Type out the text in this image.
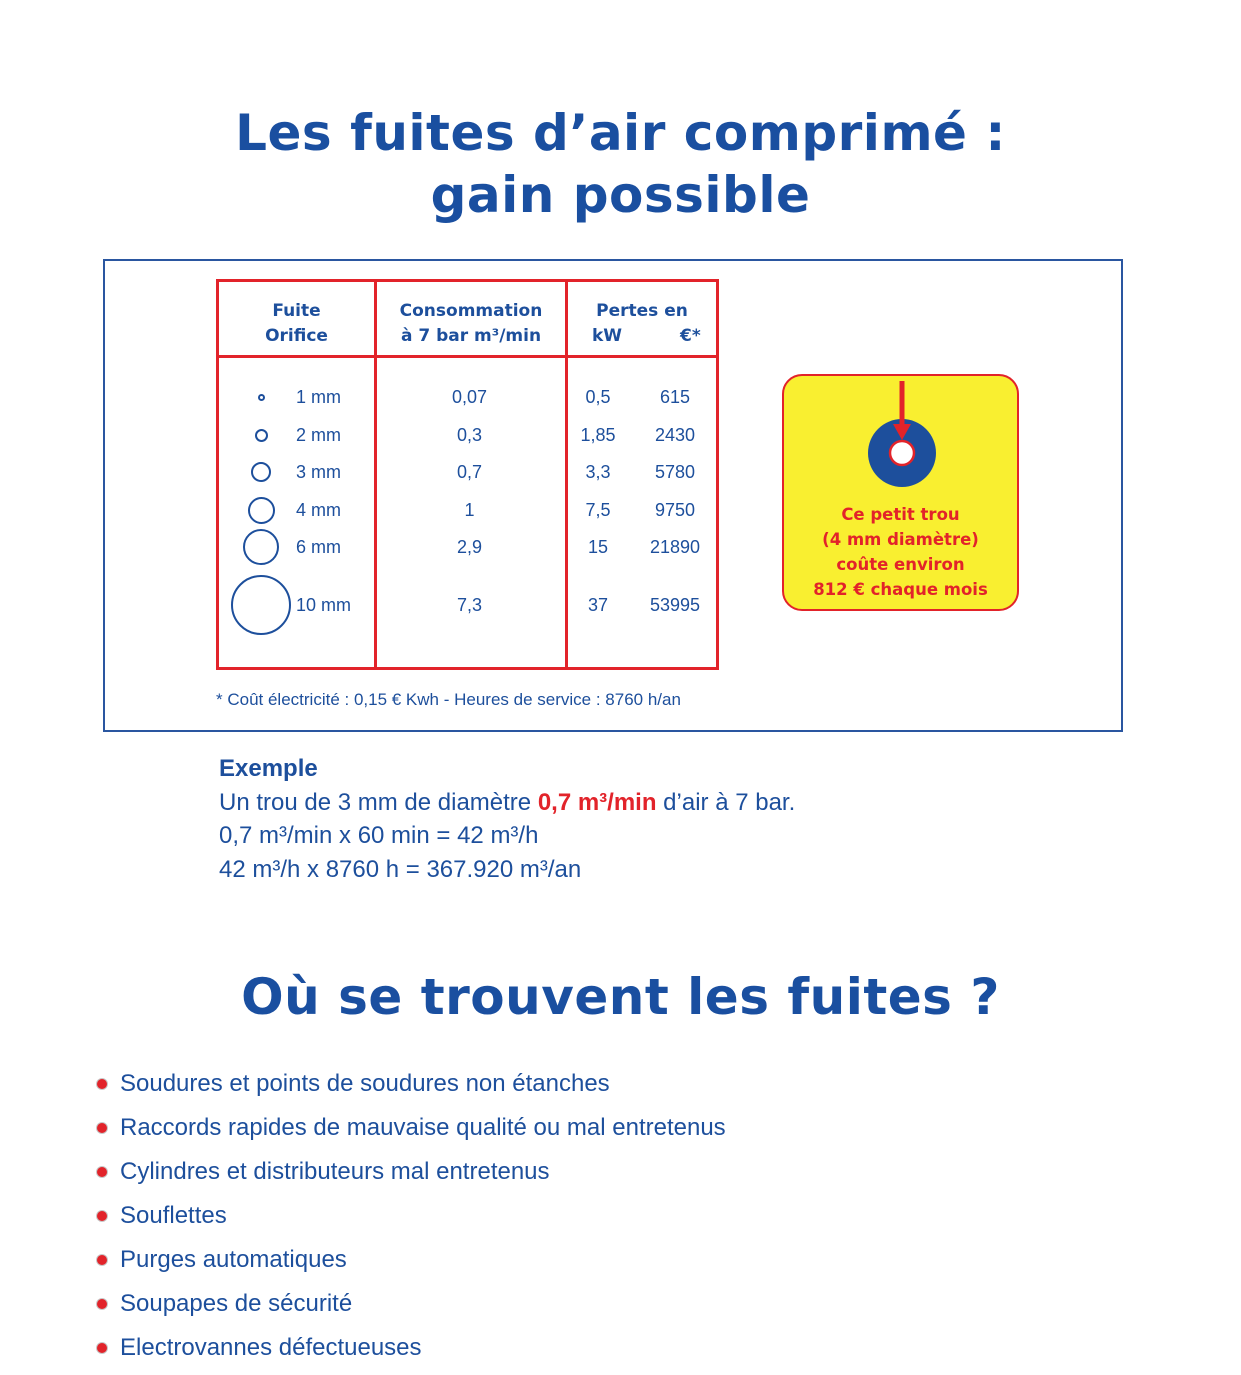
Les fuites d’air comprimé :
gain possible
Fuite
Orifice
Consommation
à 7 bar m³/min
Pertes en
kW	€*
1 mm	0,07	0,5	615
2 mm	0,3	1,85	2430
3 mm	0,7	3,3	5780
4 mm	1	7,5	9750
6 mm	2,9	15	21890
10 mm	7,3	37	53995
* Coût électricité : 0,15 € Kwh - Heures de service : 8760 h/an
Ce petit trou
(4 mm diamètre)
coûte environ
812 € chaque mois
Exemple
Un trou de 3 mm de diamètre 0,7 m³/min d’air à 7 bar.
0,7 m³/min x 60 min = 42 m³/h
42 m³/h x 8760 h = 367.920 m³/an
Où se trouvent les fuites ?
Soudures et points de soudures non étanches
Raccords rapides de mauvaise qualité ou mal entretenus
Cylindres et distributeurs mal entretenus
Souflettes
Purges automatiques
Soupapes de sécurité
Electrovannes défectueuses
